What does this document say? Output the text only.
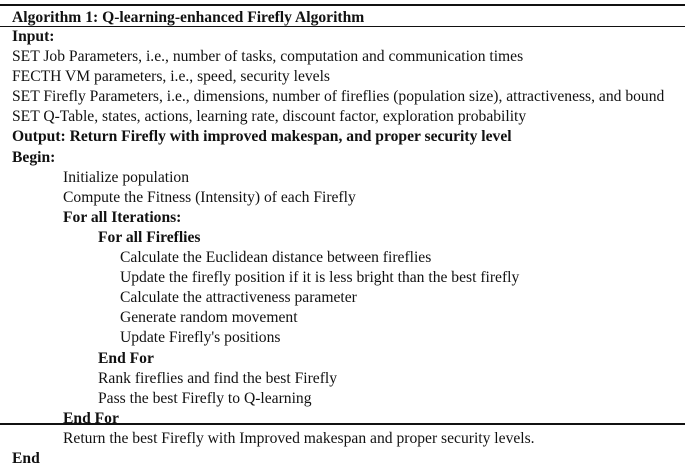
Algorithm 1: Q-learning-enhanced Firefly Algorithm
Input:
SET Job Parameters, i.e., number of tasks, computation and communication times
FECTH VM parameters, i.e., speed, security levels
SET Firefly Parameters, i.e., dimensions, number of fireflies (population size), attractiveness, and bound
SET Q-Table, states, actions, learning rate, discount factor, exploration probability
Output: Return Firefly with improved makespan, and proper security level
Begin:
Initialize population
Compute the Fitness (Intensity) of each Firefly
For all Iterations:
For all Fireflies
Calculate the Euclidean distance between fireflies
Update the firefly position if it is less bright than the best firefly
Calculate the attractiveness parameter
Generate random movement
Update Firefly's positions
End For
Rank fireflies and find the best Firefly
Pass the best Firefly to Q-learning
End For
Return the best Firefly with Improved makespan and proper security levels.
End
